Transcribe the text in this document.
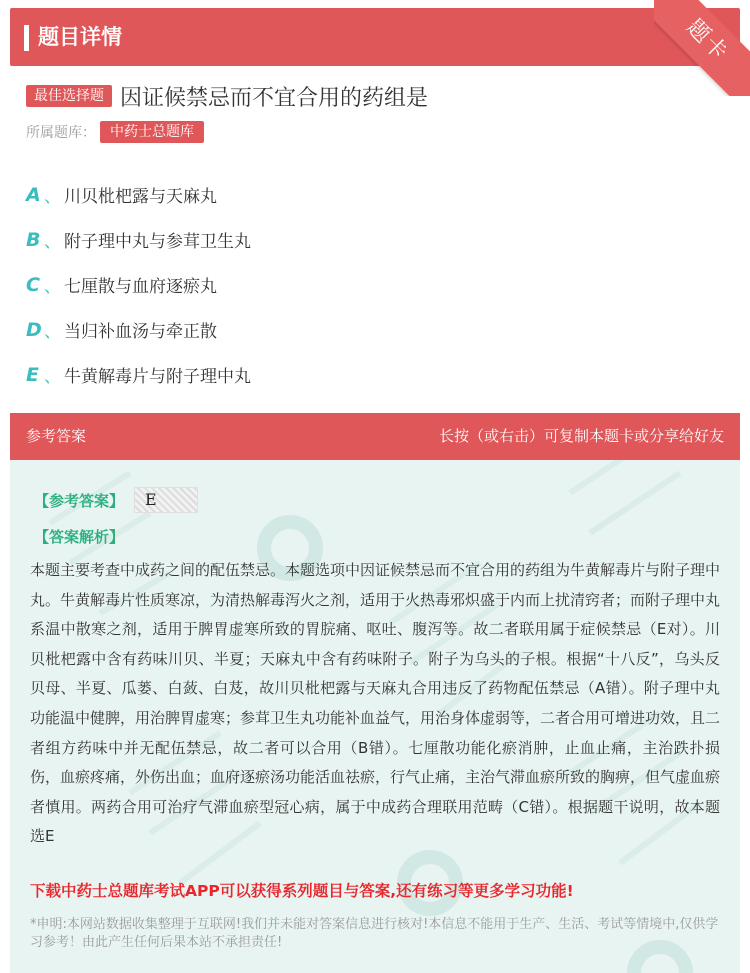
题目详情	题卡
最佳选择题 因证候禁忌而不宜合用的药组是
所属题库：	中药士总题库
A 、 川贝枇杷露与天麻丸
B 、 附子理中丸与参茸卫生丸
C 、 七厘散与血府逐瘀丸
D 、 当归补血汤与牵正散
E 、 牛黄解毒片与附子理中丸
参考答案	长按（或右击）可复制本题卡或分享给好友
【参考答案】 E
【答案解析】
本题主要考查中成药之间的配伍禁忌。本题选项中因证候禁忌而不宜合用的药组为牛黄解毒片与附子理中丸。牛黄解毒片性质寒凉，为清热解毒泻火之剂，适用于火热毒邪炽盛于内而上扰清窍者；而附子理中丸系温中散寒之剂，适用于脾胃虚寒所致的胃脘痛、呕吐、腹泻等。故二者联用属于症候禁忌（E对）。川贝枇杷露中含有药味川贝、半夏；天麻丸中含有药味附子。附子为乌头的子根。根据“十八反”，乌头反贝母、半夏、瓜蒌、白蔹、白芨，故川贝枇杷露与天麻丸合用违反了药物配伍禁忌（A错）。附子理中丸功能温中健脾，用治脾胃虚寒；参茸卫生丸功能补血益气，用治身体虚弱等，二者合用可增进功效，且二者组方药味中并无配伍禁忌，故二者可以合用（B错）。七厘散功能化瘀消肿，止血止痛，主治跌扑损伤，血瘀疼痛，外伤出血；血府逐瘀汤功能活血祛瘀，行气止痛，主治气滞血瘀所致的胸痹，但气虚血瘀者慎用。两药合用可治疗气滞血瘀型冠心病，属于中成药合理联用范畴（C错）。根据题干说明，故本题选E
下载中药士总题库考试APP可以获得系列题目与答案,还有练习等更多学习功能!
*申明:本网站数据收集整理于互联网!我们并未能对答案信息进行核对!本信息不能用于生产、生活、考试等情境中,仅供学习参考！由此产生任何后果本站不承担责任!
